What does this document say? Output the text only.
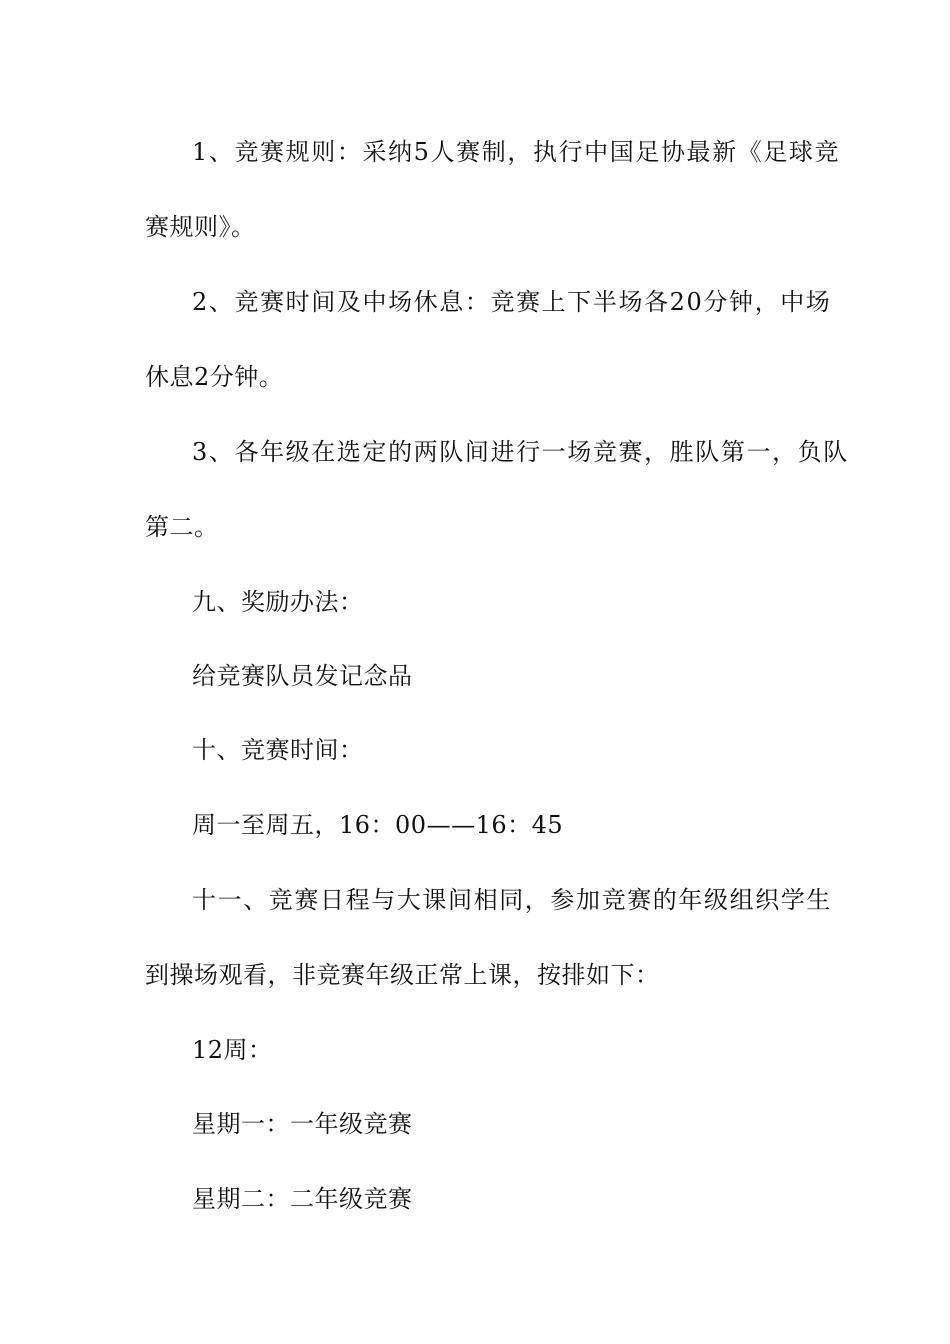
1、竞赛规则：采纳5人赛制，执行中国足协最新《足球竞
赛规则》。
2、竞赛时间及中场休息：竞赛上下半场各20分钟，中场
休息2分钟。
3、各年级在选定的两队间进行一场竞赛，胜队第一，负队
第二。
九、奖励办法：
给竞赛队员发记念品
十、竞赛时间：
周一至周五，16：00——16：45
十一、竞赛日程与大课间相同，参加竞赛的年级组织学生
到操场观看，非竞赛年级正常上课，按排如下：
12周：
星期一：一年级竞赛
星期二：二年级竞赛
